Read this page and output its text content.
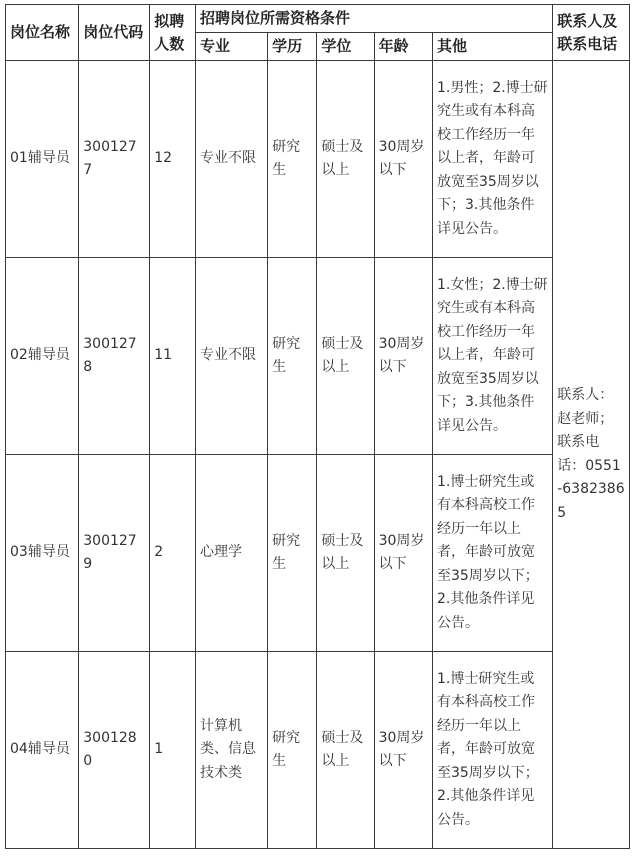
岗位名称	岗位代码	拟聘人数	招聘岗位所需资格条件					联系人及联系电话
			专业	学历	学位	年龄	其他	
01辅导员	3001277	12	专业不限	研究生	硕士及以上	30周岁以下	1.男性；2.博士研究生或有本科高校工作经历一年以上者，年龄可放宽至35周岁以下；3.其他条件详见公告。	联系人：赵老师；联系电话：0551-63823865
02辅导员	3001278	11	专业不限	研究生	硕士及以上	30周岁以下	1.女性；2.博士研究生或有本科高校工作经历一年以上者，年龄可放宽至35周岁以下；3.其他条件详见公告。	
03辅导员	3001279	2	心理学	研究生	硕士及以上	30周岁以下	1.博士研究生或有本科高校工作经历一年以上者，年龄可放宽至35周岁以下；2.其他条件详见公告。	
04辅导员	3001280	1	计算机类、信息技术类	研究生	硕士及以上	30周岁以下	1.博士研究生或有本科高校工作经历一年以上者，年龄可放宽至35周岁以下；2.其他条件详见公告。	
